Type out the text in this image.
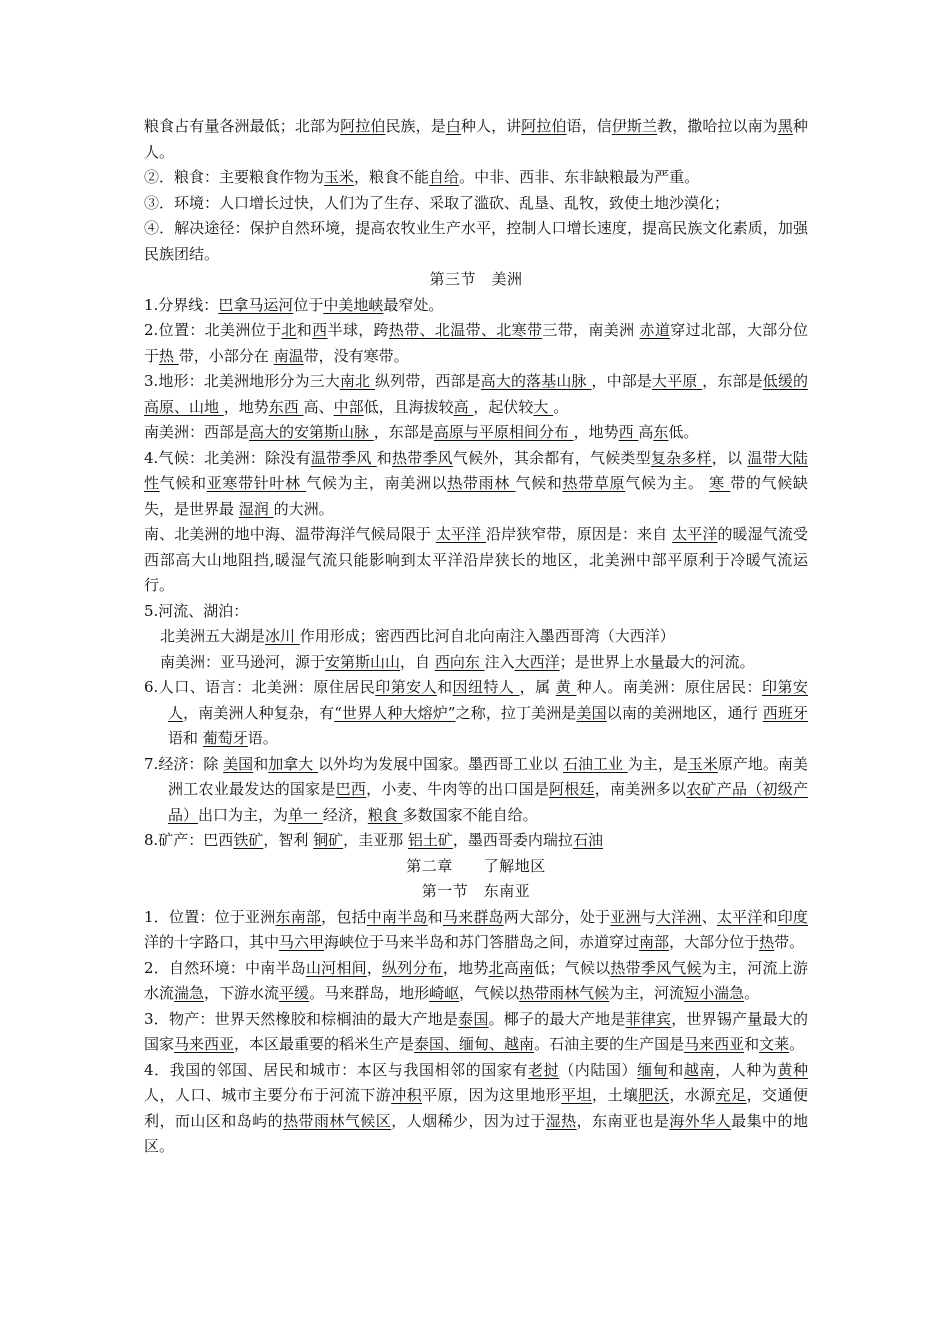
粮食占有量各洲最低；北部为阿拉伯民族，是白种人，讲阿拉伯语，信伊斯兰教，撒哈拉以南为黑种人。

②．粮食：主要粮食作物为玉米，粮食不能自给。中非、西非、东非缺粮最为严重。

③．环境：人口增长过快，人们为了生存、采取了滥砍、乱垦、乱牧，致使土地沙漠化；

④．解决途径：保护自然环境，提高农牧业生产水平，控制人口增长速度，提高民族文化素质，加强民族团结。

第三节　美洲

1.分界线：巴拿马运河位于中美地峡最窄处。

2.位置：北美洲位于北和西半球，跨热带、北温带、北寒带三带，南美洲 赤道穿过北部，大部分位于热 带，小部分在 南温带，没有寒带。

3.地形：北美洲地形分为三大南北 纵列带，西部是高大的落基山脉 ，中部是大平原 ，东部是低缓的高原、山地 ，地势东西 高、中部低，且海拔较高 ，起伏较大 。

南美洲：西部是高大的安第斯山脉 ，东部是高原与平原相间分布 ，地势西 高东低。

4.气候：北美洲：除没有温带季风 和热带季风气候外，其余都有，气候类型复杂多样，以 温带大陆性气候和亚寒带针叶林 气候为主，南美洲以热带雨林 气候和热带草原气候为主。 寒 带的气候缺失，是世界最 湿润 的大洲。

南、北美洲的地中海、温带海洋气候局限于 太平洋 沿岸狭窄带，原因是：来自 太平洋的暖湿气流受西部高大山地阻挡,暖湿气流只能影响到太平洋沿岸狭长的地区，北美洲中部平原利于冷暖气流运行。

5.河流、湖泊：

北美洲五大湖是冰川 作用形成；密西西比河自北向南注入墨西哥湾（大西洋）

南美洲：亚马逊河，源于安第斯山山，自 西向东 注入大西洋；是世界上水量最大的河流。

6.人口、语言：北美洲：原住居民印第安人和因纽特人 ，属 黄 种人。南美洲：原住居民：印第安人，南美洲人种复杂，有“世界人种大熔炉”之称，拉丁美洲是美国以南的美洲地区，通行 西班牙 语和 葡萄牙语。

7.经济：除 美国和加拿大 以外均为发展中国家。墨西哥工业以 石油工业 为主，是玉米原产地。南美洲工农业最发达的国家是巴西，小麦、牛肉等的出口国是阿根廷，南美洲多以农矿产品（初级产品）出口为主，为单一 经济，粮食 多数国家不能自给。

8.矿产：巴西铁矿，智利 铜矿，圭亚那 铝土矿，墨西哥委内瑞拉石油

第二章　　了解地区

第一节　东南亚

1．位置：位于亚洲东南部，包括中南半岛和马来群岛两大部分，处于亚洲与大洋洲、太平洋和印度洋的十字路口，其中马六甲海峡位于马来半岛和苏门答腊岛之间，赤道穿过南部，大部分位于热带。

2．自然环境：中南半岛山河相间，纵列分布，地势北高南低；气候以热带季风气候为主，河流上游水流湍急，下游水流平缓。马来群岛，地形崎岖，气候以热带雨林气候为主，河流短小湍急。

3．物产：世界天然橡胶和棕榈油的最大产地是泰国。椰子的最大产地是菲律宾，世界锡产量最大的国家马来西亚，本区最重要的稻米生产是泰国、缅甸、越南。石油主要的生产国是马来西亚和文莱。

4．我国的邻国、居民和城市：本区与我国相邻的国家有老挝（内陆国）缅甸和越南，人种为黄种人，人口、城市主要分布于河流下游冲积平原，因为这里地形平坦，土壤肥沃，水源充足，交通便利，而山区和岛屿的热带雨林气候区，人烟稀少，因为过于湿热，东南亚也是海外华人最集中的地区。
